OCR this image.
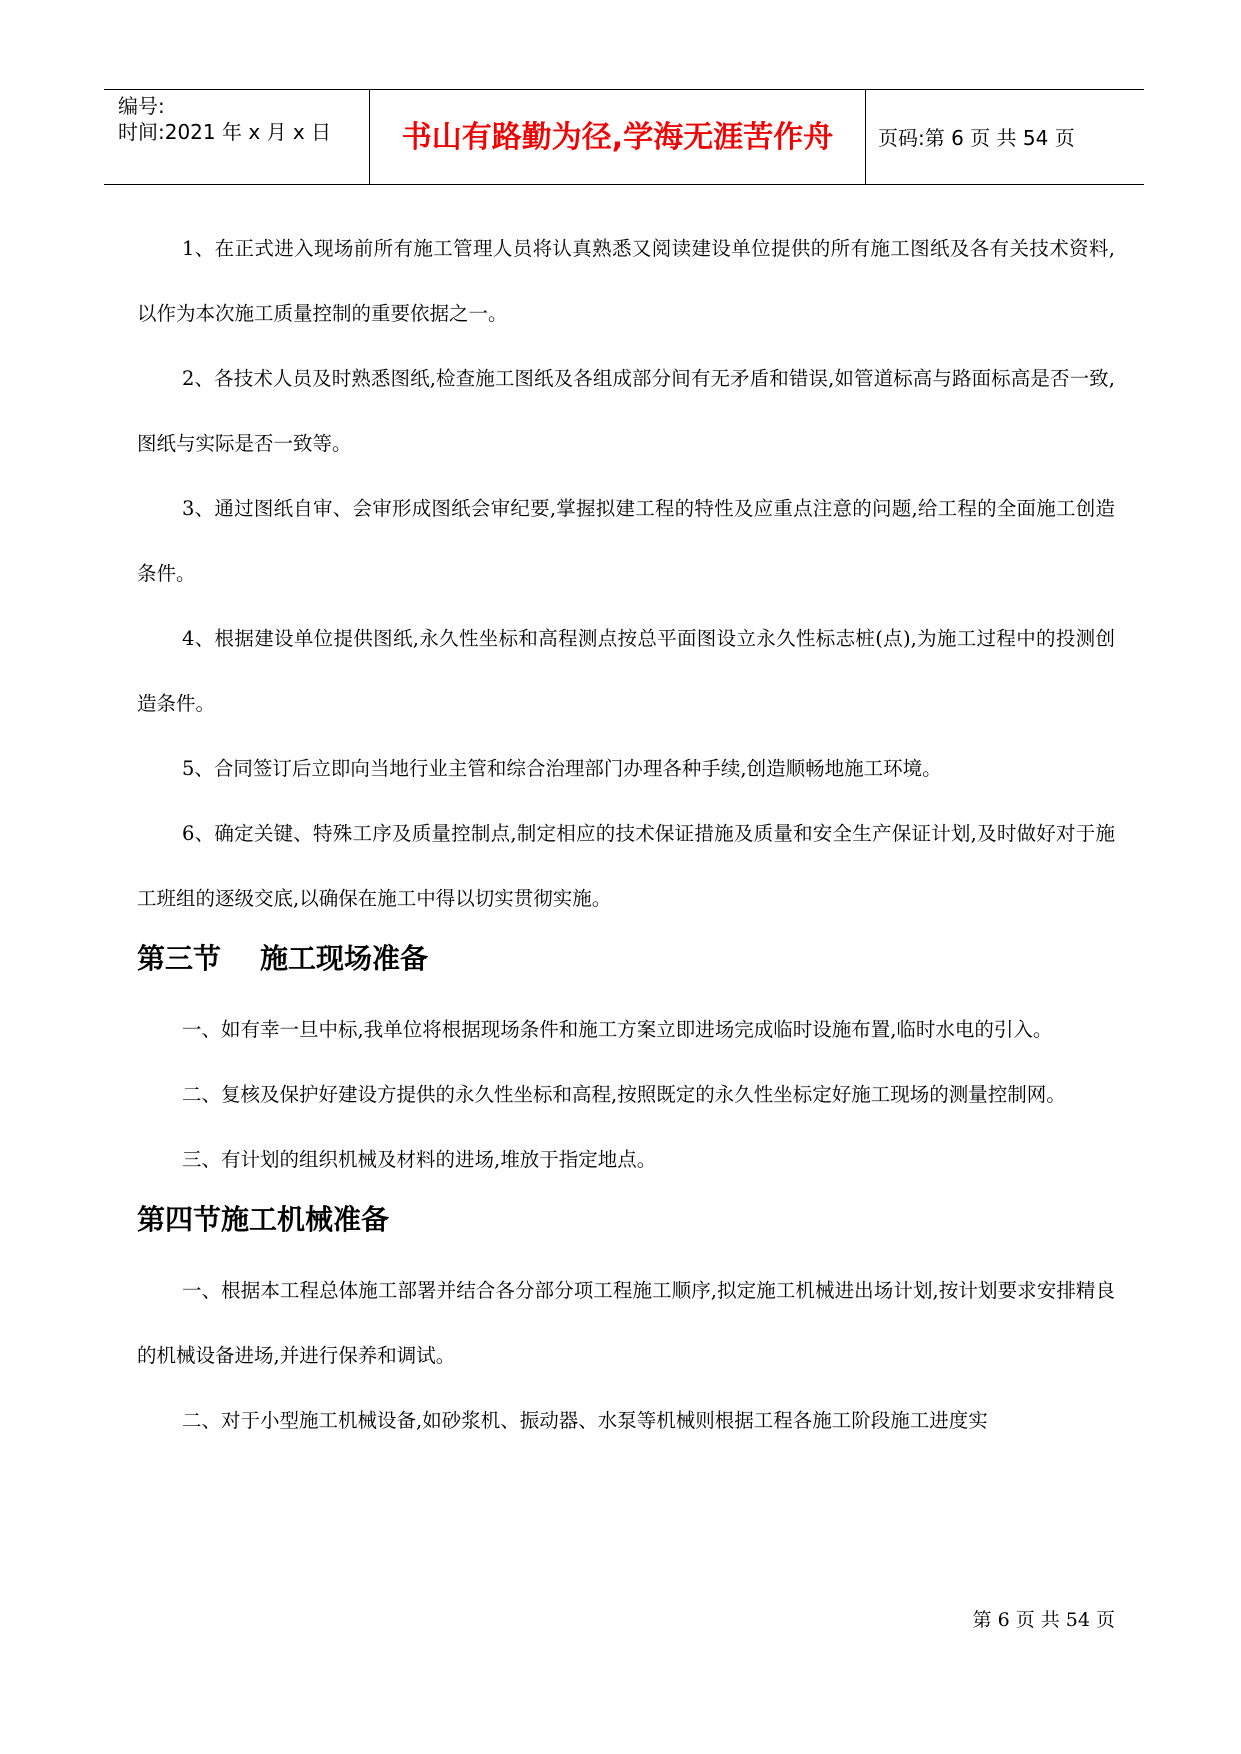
编号:
时间:2021 年 x 月 x 日	书山有路勤为径,学海无涯苦作舟	页码:第 6 页 共 54 页

1、在正式进入现场前所有施工管理人员将认真熟悉又阅读建设单位提供的所有施工图纸及各有关技术资料,以作为本次施工质量控制的重要依据之一。

2、各技术人员及时熟悉图纸,检查施工图纸及各组成部分间有无矛盾和错误,如管道标高与路面标高是否一致,图纸与实际是否一致等。

3、通过图纸自审、会审形成图纸会审纪要,掌握拟建工程的特性及应重点注意的问题,给工程的全面施工创造条件。

4、根据建设单位提供图纸,永久性坐标和高程测点按总平面图设立永久性标志桩(点),为施工过程中的投测创造条件。

5、合同签订后立即向当地行业主管和综合治理部门办理各种手续,创造顺畅地施工环境。

6、确定关键、特殊工序及质量控制点,制定相应的技术保证措施及质量和安全生产保证计划,及时做好对于施工班组的逐级交底,以确保在施工中得以切实贯彻实施。

第三节    施工现场准备

一、如有幸一旦中标,我单位将根据现场条件和施工方案立即进场完成临时设施布置,临时水电的引入。

二、复核及保护好建设方提供的永久性坐标和高程,按照既定的永久性坐标定好施工现场的测量控制网。

三、有计划的组织机械及材料的进场,堆放于指定地点。

第四节施工机械准备

一、根据本工程总体施工部署并结合各分部分项工程施工顺序,拟定施工机械进出场计划,按计划要求安排精良的机械设备进场,并进行保养和调试。

二、对于小型施工机械设备,如砂浆机、振动器、水泵等机械则根据工程各施工阶段施工进度实

第 6 页 共 54 页
